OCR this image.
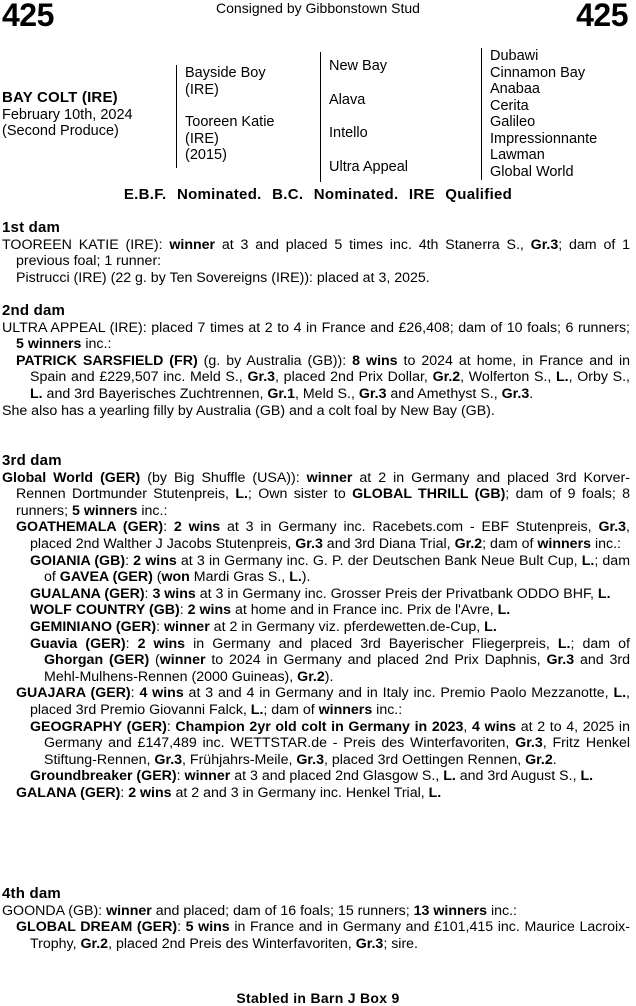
425	425
Consigned by Gibbonstown Stud
BAY COLT (IRE)
February 10th, 2024
(Second Produce)
Bayside Boy
(IRE)
Tooreen Katie
(IRE)
(2015)
New Bay
Alava
Intello
Ultra Appeal
Dubawi
Cinnamon Bay
Anabaa
Cerita
Galileo
Impressionnante
Lawman
Global World
E.B.F. Nominated. B.C. Nominated. IRE Qualified
1st dam

TOOREEN KATIE (IRE): winner at 3 and placed 5 times inc. 4th Stanerra S., Gr.3; dam of 1 previous foal; 1 runner:

Pistrucci (IRE) (22 g. by Ten Sovereigns (IRE)): placed at 3, 2025.

2nd dam

ULTRA APPEAL (IRE): placed 7 times at 2 to 4 in France and £26,408; dam of 10 foals; 6 runners; 5 winners inc.:

PATRICK SARSFIELD (FR) (g. by Australia (GB)): 8 wins to 2024 at home, in France and in Spain and £229,507 inc. Meld S., Gr.3, placed 2nd Prix Dollar, Gr.2, Wolferton S., L., Orby S., L. and 3rd Bayerisches Zuchtrennen, Gr.1, Meld S., Gr.3 and Amethyst S., Gr.3.

She also has a yearling filly by Australia (GB) and a colt foal by New Bay (GB).

3rd dam

Global World (GER) (by Big Shuffle (USA)): winner at 2 in Germany and placed 3rd Korver-Rennen Dortmunder Stutenpreis, L.; Own sister to GLOBAL THRILL (GB); dam of 9 foals; 8 runners; 5 winners inc.:

GOATHEMALA (GER): 2 wins at 3 in Germany inc. Racebets.com - EBF Stutenpreis, Gr.3, placed 2nd Walther J Jacobs Stutenpreis, Gr.3 and 3rd Diana Trial, Gr.2; dam of winners inc.:

GOIANIA (GB): 2 wins at 3 in Germany inc. G. P. der Deutschen Bank Neue Bult Cup, L.; dam of GAVEA (GER) (won Mardi Gras S., L.).

GUALANA (GER): 3 wins at 3 in Germany inc. Grosser Preis der Privatbank ODDO BHF, L.

WOLF COUNTRY (GB): 2 wins at home and in France inc. Prix de l'Avre, L.

GEMINIANO (GER): winner at 2 in Germany viz. pferdewetten.de-Cup, L.

Guavia (GER): 2 wins in Germany and placed 3rd Bayerischer Fliegerpreis, L.; dam of Ghorgan (GER) (winner to 2024 in Germany and placed 2nd Prix Daphnis, Gr.3 and 3rd Mehl-Mulhens-Rennen (2000 Guineas), Gr.2).

GUAJARA (GER): 4 wins at 3 and 4 in Germany and in Italy inc. Premio Paolo Mezzanotte, L., placed 3rd Premio Giovanni Falck, L.; dam of winners inc.:

GEOGRAPHY (GER): Champion 2yr old colt in Germany in 2023, 4 wins at 2 to 4, 2025 in Germany and £147,489 inc. WETTSTAR.de - Preis des Winterfavoriten, Gr.3, Fritz Henkel Stiftung-Rennen, Gr.3, Frühjahrs-Meile, Gr.3, placed 3rd Oettingen Rennen, Gr.2.

Groundbreaker (GER): winner at 3 and placed 2nd Glasgow S., L. and 3rd August S., L.

GALANA (GER): 2 wins at 2 and 3 in Germany inc. Henkel Trial, L.

4th dam

GOONDA (GB): winner and placed; dam of 16 foals; 15 runners; 13 winners inc.:

GLOBAL DREAM (GER): 5 wins in France and in Germany and £101,415 inc. Maurice Lacroix-Trophy, Gr.2, placed 2nd Preis des Winterfavoriten, Gr.3; sire.

Stabled in Barn J Box 9
